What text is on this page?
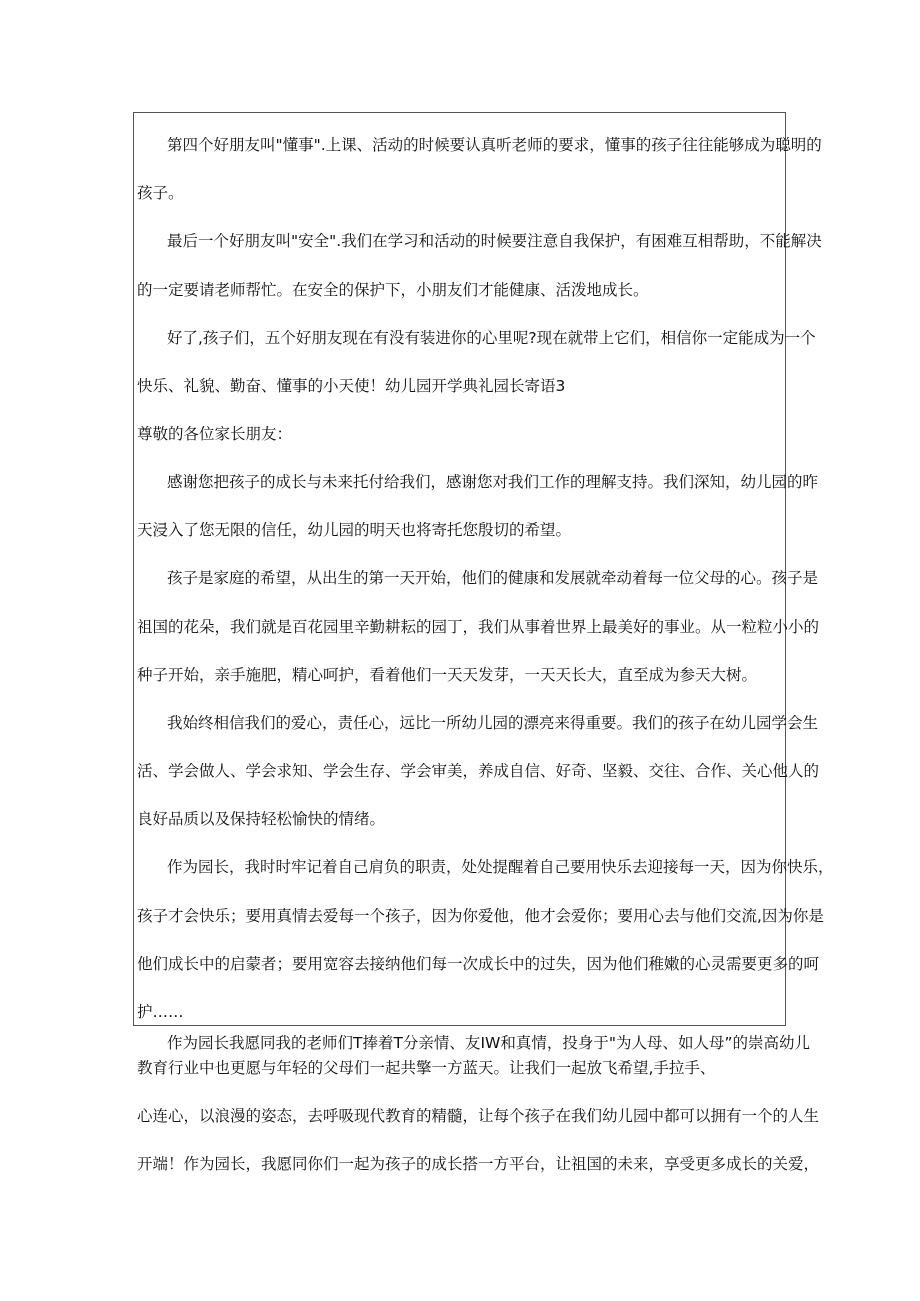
第四个好朋友叫"懂事".上课、活动的时候要认真听老师的要求，懂事的孩子往往能够成为聪明的
孩子。
最后一个好朋友叫"安全".我们在学习和活动的时候要注意自我保护，有困难互相帮助，不能解决
的一定要请老师帮忙。在安全的保护下，小朋友们才能健康、活泼地成长。
好了,孩子们，五个好朋友现在有没有装进你的心里呢?现在就带上它们，相信你一定能成为一个
快乐、礼貌、勤奋、懂事的小天使！幼儿园开学典礼园长寄语3
尊敬的各位家长朋友：
感谢您把孩子的成长与未来托付给我们，感谢您对我们工作的理解支持。我们深知，幼儿园的昨
天浸入了您无限的信任，幼儿园的明天也将寄托您殷切的希望。
孩子是家庭的希望，从出生的第一天开始，他们的健康和发展就牵动着每一位父母的心。孩子是
祖国的花朵，我们就是百花园里辛勤耕耘的园丁，我们从事着世界上最美好的事业。从一粒粒小小的
种子开始，亲手施肥，精心呵护，看着他们一天天发芽，一天天长大，直至成为参天大树。
我始终相信我们的爱心，责任心，远比一所幼儿园的漂亮来得重要。我们的孩子在幼儿园学会生
活、学会做人、学会求知、学会生存、学会审美，养成自信、好奇、坚毅、交往、合作、关心他人的
良好品质以及保持轻松愉快的情绪。
作为园长，我时时牢记着自己肩负的职责，处处提醒着自己要用快乐去迎接每一天，因为你快乐，
孩子才会快乐；要用真情去爱每一个孩子，因为你爱他，他才会爱你；要用心去与他们交流,因为你是
他们成长中的启蒙者；要用宽容去接纳他们每一次成长中的过失，因为他们稚嫩的心灵需要更多的呵
护……
作为园长我愿同我的老师们T捧着T分亲情、友IW和真情，投身于"为人母、如人母”的崇高幼儿
教育行业中也更愿与年轻的父母们一起共擎一方蓝天。让我们一起放飞希望,手拉手、
心连心，以浪漫的姿态，去呼吸现代教育的精髓，让每个孩子在我们幼儿园中都可以拥有一个的人生
开端！作为园长，我愿同你们一起为孩子的成长搭一方平台，让祖国的未来，享受更多成长的关爱，
